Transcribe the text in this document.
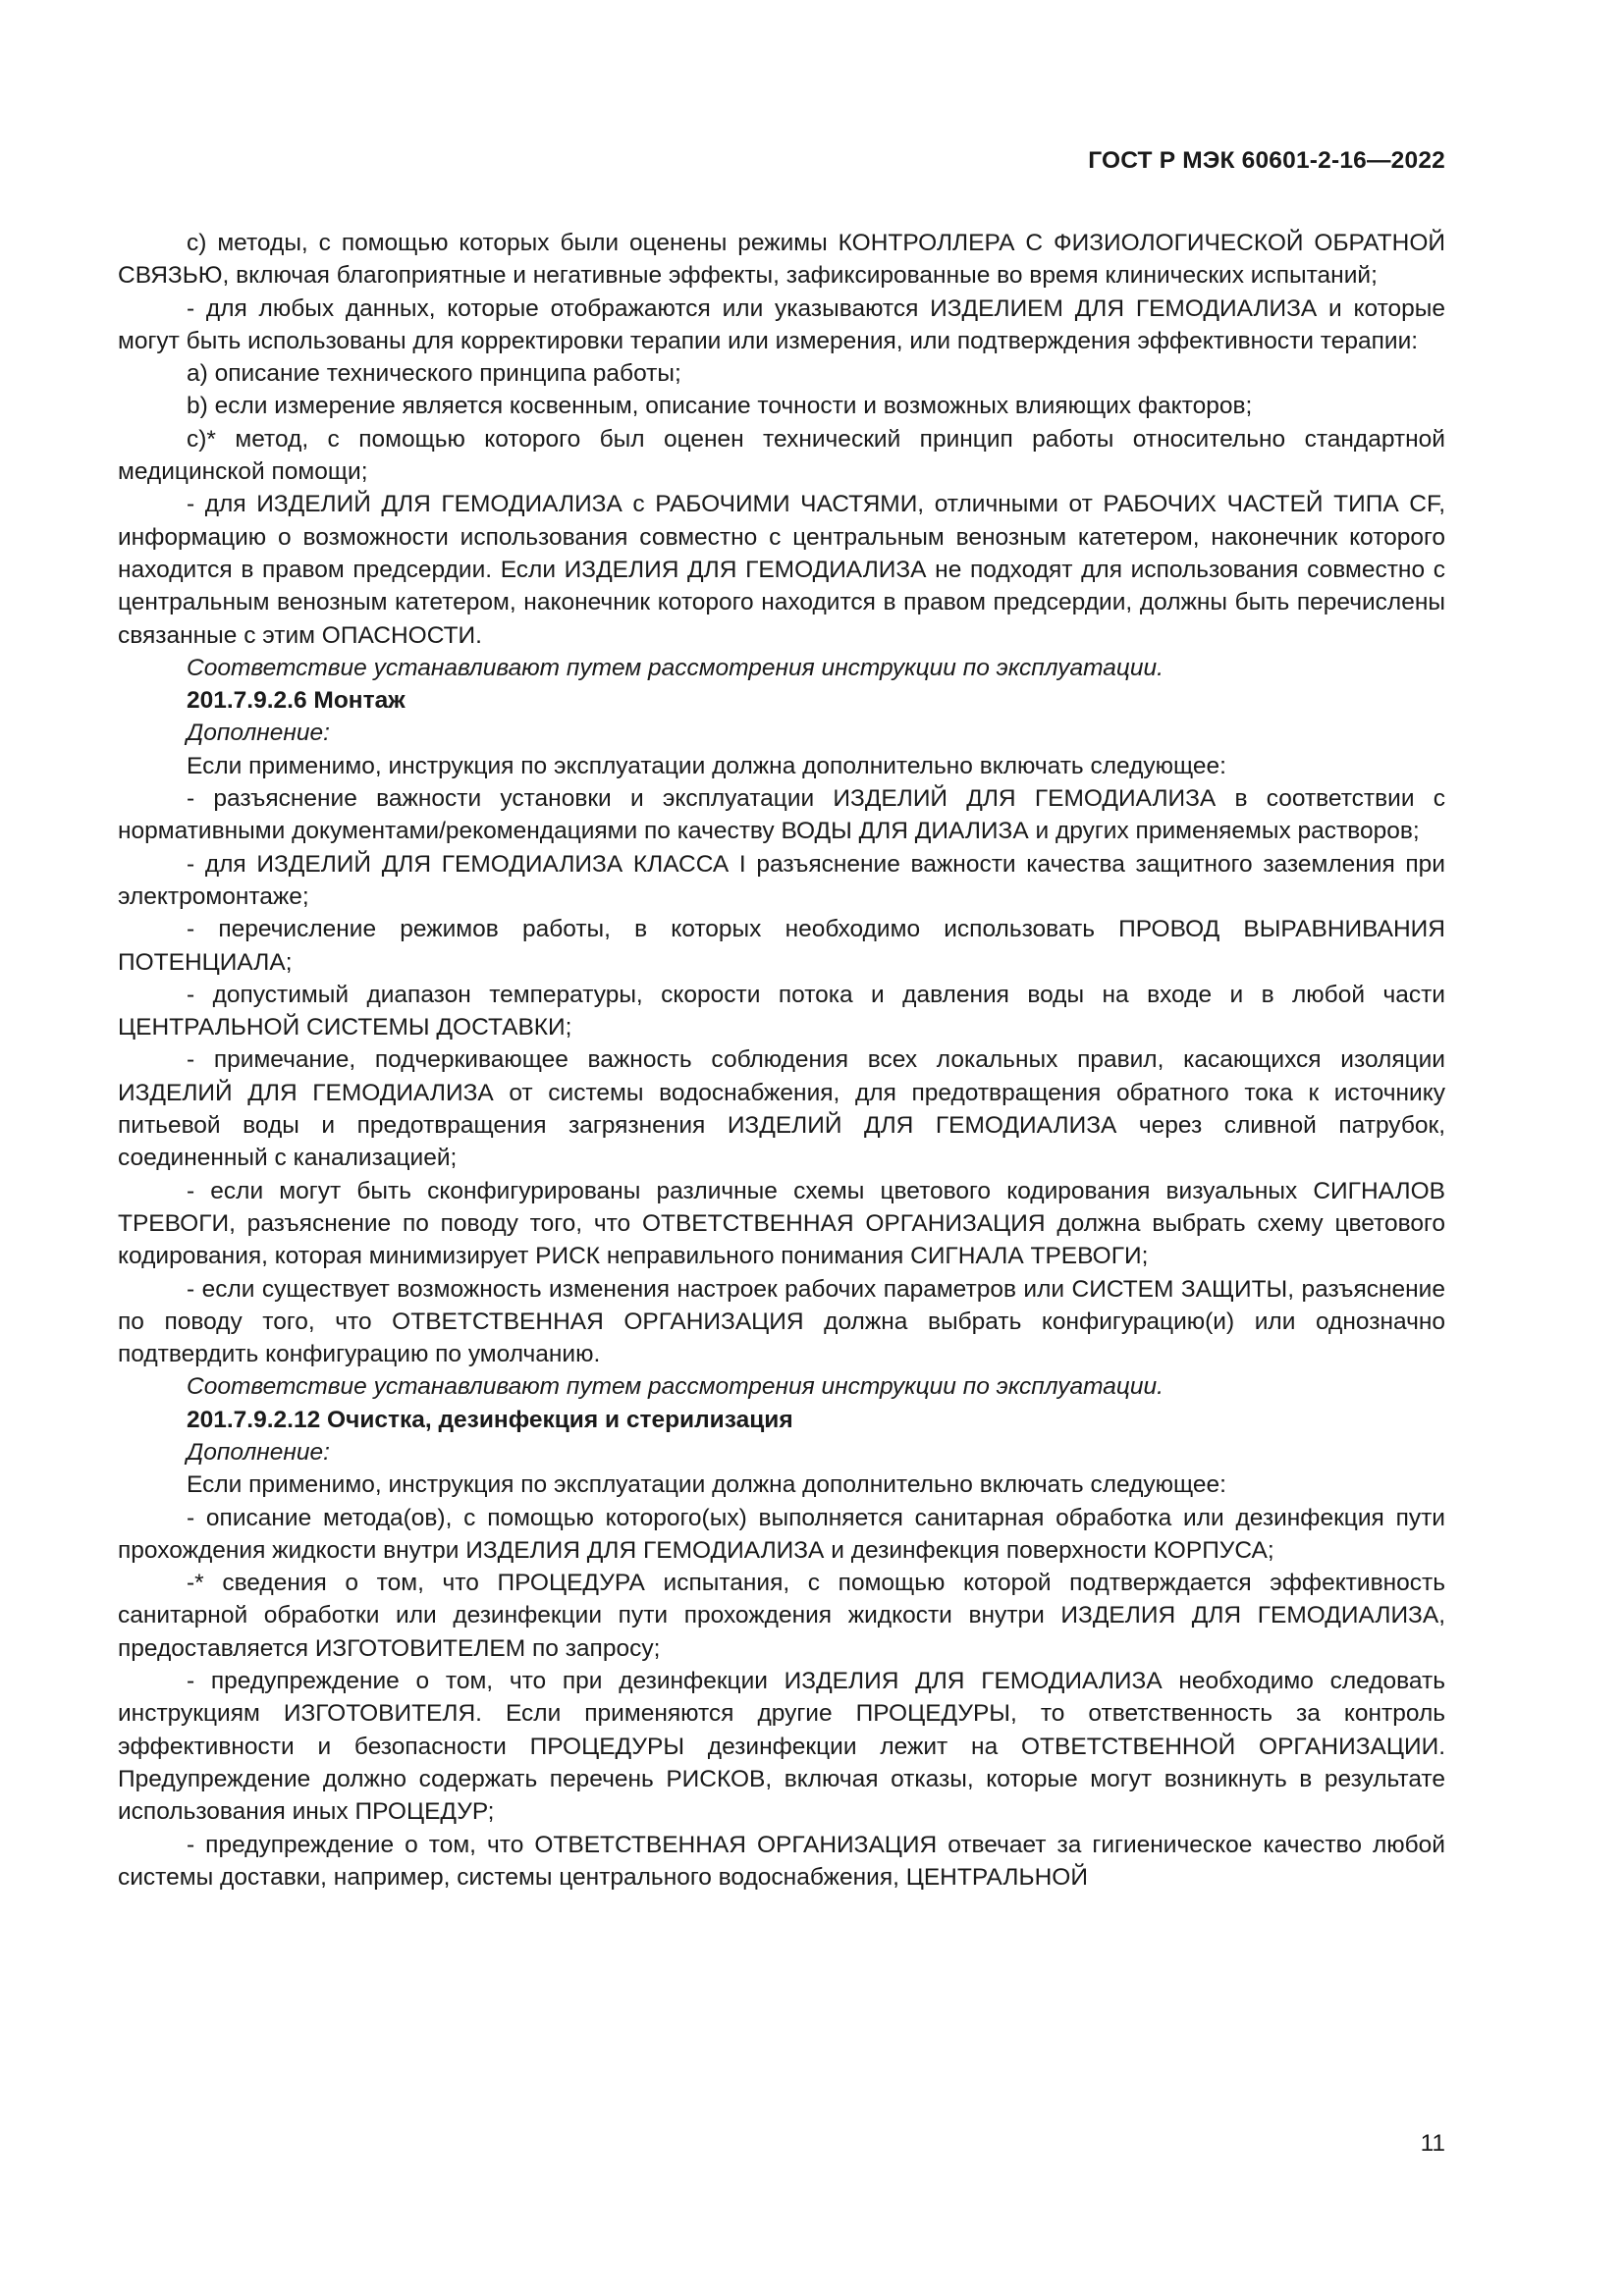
ГОСТ Р МЭК 60601-2-16—2022

с) методы, с помощью которых были оценены режимы КОНТРОЛЛЕРА С ФИЗИОЛОГИЧЕСКОЙ ОБРАТНОЙ СВЯЗЬЮ, включая благоприятные и негативные эффекты, зафиксированные во время клинических испытаний;

- для любых данных, которые отображаются или указываются ИЗДЕЛИЕМ ДЛЯ ГЕМОДИАЛИЗА и которые могут быть использованы для корректировки терапии или измерения, или подтверждения эффективности терапии:

a) описание технического принципа работы;

b) если измерение является косвенным, описание точности и возможных влияющих факторов;

с)* метод, с помощью которого был оценен технический принцип работы относительно стандартной медицинской помощи;

- для ИЗДЕЛИЙ ДЛЯ ГЕМОДИАЛИЗА с РАБОЧИМИ ЧАСТЯМИ, отличными от РАБОЧИХ ЧАСТЕЙ ТИПА CF, информацию о возможности использования совместно с центральным венозным катетером, наконечник которого находится в правом предсердии. Если ИЗДЕЛИЯ ДЛЯ ГЕМОДИАЛИЗА не подходят для использования совместно с центральным венозным катетером, наконечник которого находится в правом предсердии, должны быть перечислены связанные с этим ОПАСНОСТИ.

Соответствие устанавливают путем рассмотрения инструкции по эксплуатации.

201.7.9.2.6 Монтаж

Дополнение:

Если применимо, инструкция по эксплуатации должна дополнительно включать следующее:

- разъяснение важности установки и эксплуатации ИЗДЕЛИЙ ДЛЯ ГЕМОДИАЛИЗА в соответствии с нормативными документами/рекомендациями по качеству ВОДЫ ДЛЯ ДИАЛИЗА и других применяемых растворов;

- для ИЗДЕЛИЙ ДЛЯ ГЕМОДИАЛИЗА КЛАССА I разъяснение важности качества защитного заземления при электромонтаже;

- перечисление режимов работы, в которых необходимо использовать ПРОВОД ВЫРАВНИВАНИЯ ПОТЕНЦИАЛА;

- допустимый диапазон температуры, скорости потока и давления воды на входе и в любой части ЦЕНТРАЛЬНОЙ СИСТЕМЫ ДОСТАВКИ;

- примечание, подчеркивающее важность соблюдения всех локальных правил, касающихся изоляции ИЗДЕЛИЙ ДЛЯ ГЕМОДИАЛИЗА от системы водоснабжения, для предотвращения обратного тока к источнику питьевой воды и предотвращения загрязнения ИЗДЕЛИЙ ДЛЯ ГЕМОДИАЛИЗА через сливной патрубок, соединенный с канализацией;

- если могут быть сконфигурированы различные схемы цветового кодирования визуальных СИГНАЛОВ ТРЕВОГИ, разъяснение по поводу того, что ОТВЕТСТВЕННАЯ ОРГАНИЗАЦИЯ должна выбрать схему цветового кодирования, которая минимизирует РИСК неправильного понимания СИГНАЛА ТРЕВОГИ;

- если существует возможность изменения настроек рабочих параметров или СИСТЕМ ЗАЩИТЫ, разъяснение по поводу того, что ОТВЕТСТВЕННАЯ ОРГАНИЗАЦИЯ должна выбрать конфигурацию(и) или однозначно подтвердить конфигурацию по умолчанию.

Соответствие устанавливают путем рассмотрения инструкции по эксплуатации.

201.7.9.2.12 Очистка, дезинфекция и стерилизация

Дополнение:

Если применимо, инструкция по эксплуатации должна дополнительно включать следующее:

- описание метода(ов), с помощью которого(ых) выполняется санитарная обработка или дезинфекция пути прохождения жидкости внутри ИЗДЕЛИЯ ДЛЯ ГЕМОДИАЛИЗА и дезинфекция поверхности КОРПУСА;

-* сведения о том, что ПРОЦЕДУРА испытания, с помощью которой подтверждается эффективность санитарной обработки или дезинфекции пути прохождения жидкости внутри ИЗДЕЛИЯ ДЛЯ ГЕМОДИАЛИЗА, предоставляется ИЗГОТОВИТЕЛЕМ по запросу;

- предупреждение о том, что при дезинфекции ИЗДЕЛИЯ ДЛЯ ГЕМОДИАЛИЗА необходимо следовать инструкциям ИЗГОТОВИТЕЛЯ. Если применяются другие ПРОЦЕДУРЫ, то ответственность за контроль эффективности и безопасности ПРОЦЕДУРЫ дезинфекции лежит на ОТВЕТСТВЕННОЙ ОРГАНИЗАЦИИ. Предупреждение должно содержать перечень РИСКОВ, включая отказы, которые могут возникнуть в результате использования иных ПРОЦЕДУР;

- предупреждение о том, что ОТВЕТСТВЕННАЯ ОРГАНИЗАЦИЯ отвечает за гигиеническое качество любой системы доставки, например, системы центрального водоснабжения, ЦЕНТРАЛЬНОЙ

11
